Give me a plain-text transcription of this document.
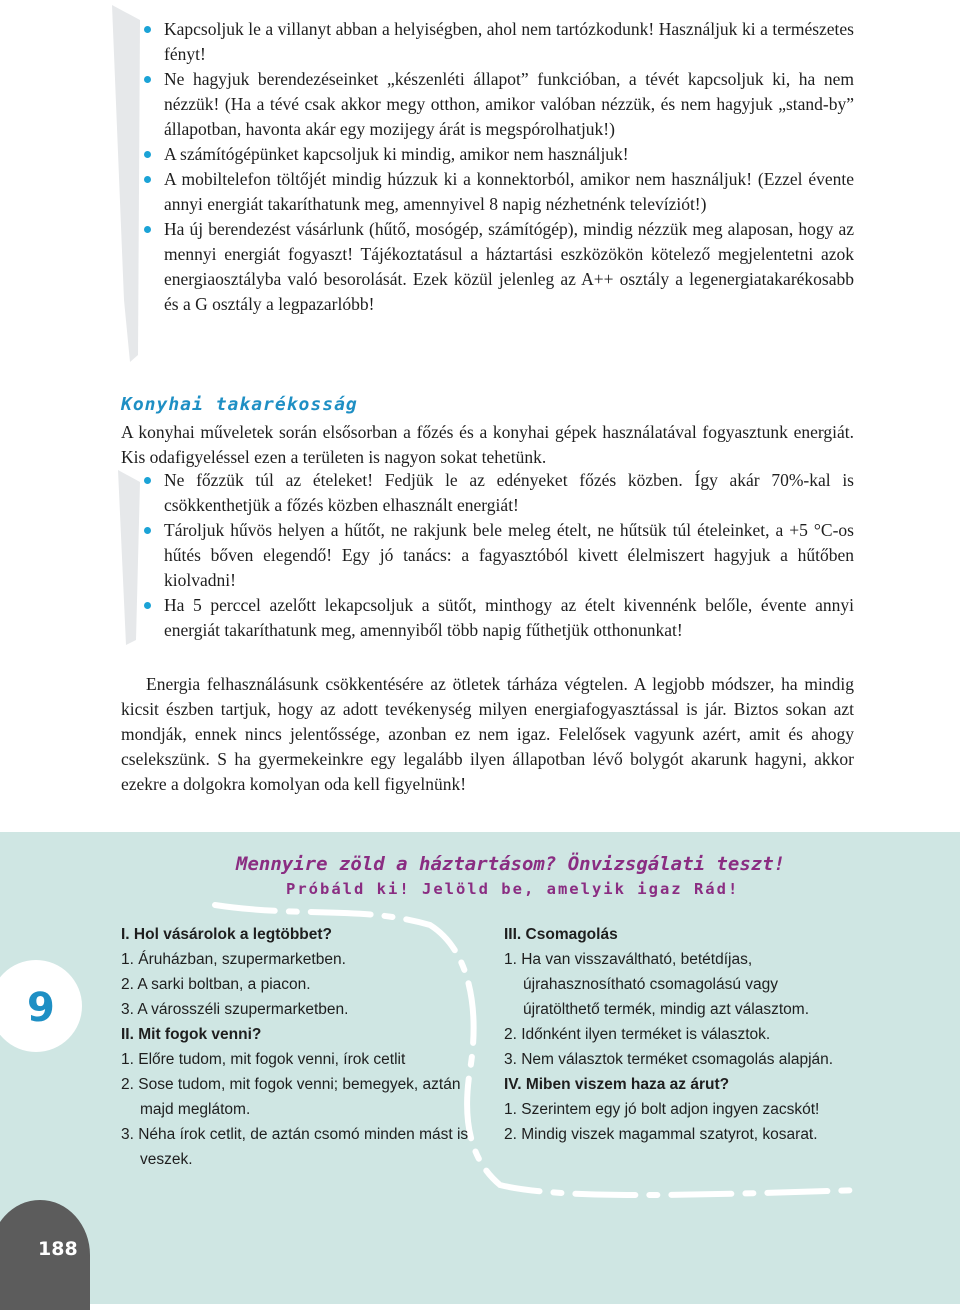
Kapcsoljuk le a villanyt abban a helyiségben, ahol nem tartózkodunk! Használjuk ki a természetes fényt!
Ne hagyjuk berendezéseinket „készenléti állapot” funkcióban, a tévét kapcsoljuk ki, ha nem nézzük! (Ha a tévé csak akkor megy otthon, amikor valóban nézzük, és nem hagyjuk „stand-by” állapotban, havonta akár egy mozijegy árát is megspórolhatjuk!)
A számítógépünket kapcsoljuk ki mindig, amikor nem használjuk!
A mobiltelefon töltőjét mindig húzzuk ki a konnektorból, amikor nem használjuk! (Ezzel évente annyi energiát takaríthatunk meg, amennyivel 8 napig nézhetnénk televíziót!)
Ha új berendezést vásárlunk (hűtő, mosógép, számítógép), mindig nézzük meg alaposan, hogy az mennyi energiát fogyaszt! Tájékoztatásul a háztartási eszközökön kötelező megjelentetni azok energiaosztályba való besorolását. Ezek közül jelenleg az A++ osztály a legenergiatakarékosabb és a G osztály a legpazarlóbb!
Konyhai takarékosság

A konyhai műveletek során elsősorban a főzés és a konyhai gépek használatával fogyasztunk energiát. Kis odafigyeléssel ezen a területen is nagyon sokat tehetünk.

Ne főzzük túl az ételeket! Fedjük le az edényeket főzés közben. Így akár 70%-kal is csökkenthetjük a főzés közben elhasznált energiát!
Tároljuk hűvös helyen a hűtőt, ne rakjunk bele meleg ételt, ne hűtsük túl ételeinket, a +5 °C-os hűtés bőven elegendő! Egy jó tanács: a fagyasztóból kivett élelmiszert hagyjuk a hűtőben kiolvadni!
Ha 5 perccel azelőtt lekapcsoljuk a sütőt, minthogy az ételt kivennénk belőle, évente annyi energiát takaríthatunk meg, amennyiből több napig fűthetjük otthonunkat!

Energia felhasználásunk csökkentésére az ötletek tárháza végtelen. A legjobb módszer, ha mindig kicsit észben tartjuk, hogy az adott tevékenység milyen energiafogyasztással is jár. Biztos sokan azt mondják, ennek nincs jelentőssége, azonban ez nem igaz. Felelősek vagyunk azért, amit és ahogy cselekszünk. S ha gyermekeinkre egy legalább ilyen állapotban lévő bolygót akarunk hagyni, akkor ezekre a dolgokra komolyan oda kell figyelnünk!

9
188
Mennyire zöld a háztartásom? Önvizsgálati teszt!
Próbáld ki! Jelöld be, amelyik igaz Rád!
I. Hol vásárolok a legtöbbet?
1. Áruházban, szupermarketben.
2. A sarki boltban, a piacon.
3. A városszéli szupermarketben.
II. Mit fogok venni?
1. Előre tudom, mit fogok venni, írok cetlit
2. Sose tudom, mit fogok venni; bemegyek, aztán majd meglátom.
3. Néha írok cetlit, de aztán csomó minden mást is veszek.
III. Csomagolás
1. Ha van visszaváltható, betétdíjas, újrahasznosítható csomagolású vagy újratölthető termék, mindig azt választom.
2. Időnként ilyen terméket is választok.
3. Nem választok terméket csomagolás alapján.
IV. Miben viszem haza az árut?
1. Szerintem egy jó bolt adjon ingyen zacskót!
2. Mindig viszek magammal szatyrot, kosarat.
